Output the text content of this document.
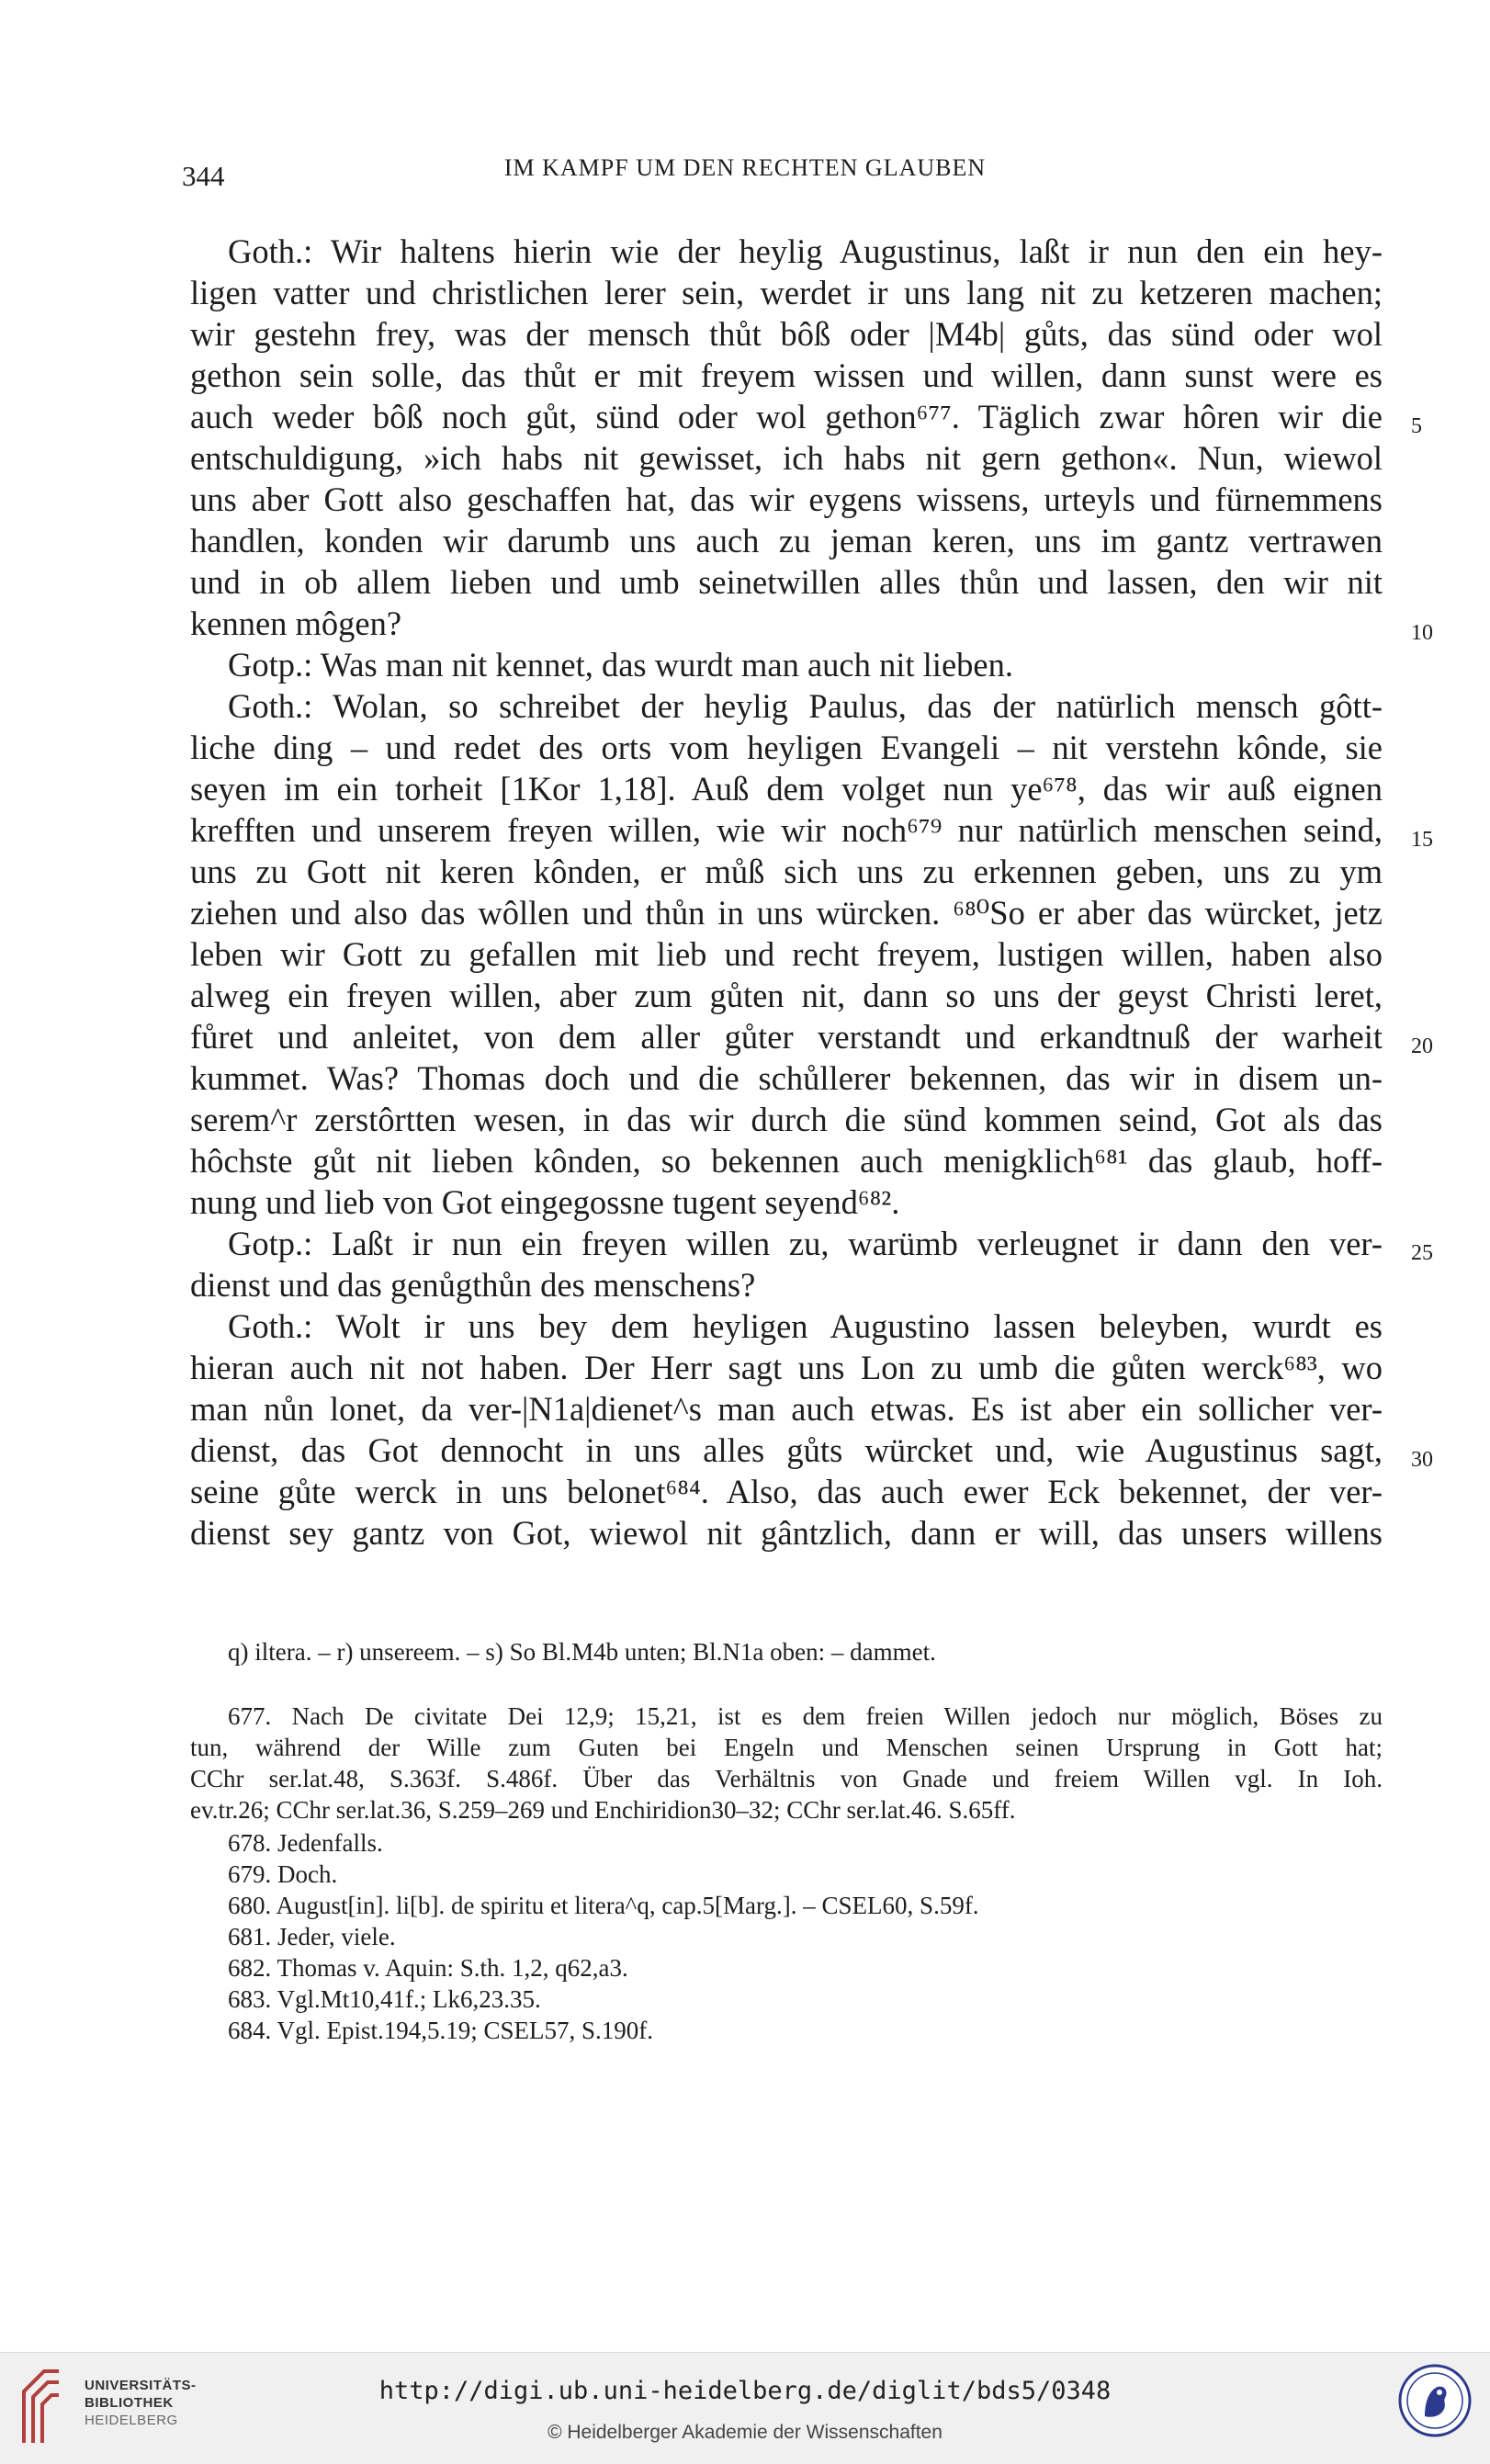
344	IM KAMPF UM DEN RECHTEN GLAUBEN
Goth.: Wir haltens hierin wie der heylig Augustinus, laßt ir nun den ein hey-
ligen vatter und christlichen lerer sein, werdet ir uns lang nit zu ketzeren machen;
wir gestehn frey, was der mensch thůt bôß oder |M4b| gůts, das sünd oder wol
gethon sein solle, das thůt er mit freyem wissen und willen, dann sunst were es
auch weder bôß noch gůt, sünd oder wol gethon⁶⁷⁷. Täglich zwar hôren wir die
entschuldigung, »ich habs nit gewisset, ich habs nit gern gethon«. Nun, wiewol
uns aber Gott also geschaffen hat, das wir eygens wissens, urteyls und fürnemmens
handlen, konden wir darumb uns auch zu jeman keren, uns im gantz vertrawen
und in ob allem lieben und umb seinetwillen alles thůn und lassen, den wir nit
kennen môgen?
Gotp.: Was man nit kennet, das wurdt man auch nit lieben.
Goth.: Wolan, so schreibet der heylig Paulus, das der natürlich mensch gôtt-
liche ding – und redet des orts vom heyligen Evangeli – nit verstehn kônde, sie
seyen im ein torheit [1Kor 1,18]. Auß dem volget nun ye⁶⁷⁸, das wir auß eignen
krefften und unserem freyen willen, wie wir noch⁶⁷⁹ nur natürlich menschen seind,
uns zu Gott nit keren kônden, er můß sich uns zu erkennen geben, uns zu ym
ziehen und also das wôllen und thůn in uns würcken. ⁶⁸⁰So er aber das würcket, jetz
leben wir Gott zu gefallen mit lieb und recht freyem, lustigen willen, haben also
alweg ein freyen willen, aber zum gůten nit, dann so uns der geyst Christi leret,
fůret und anleitet, von dem aller gůter verstandt und erkandtnuß der warheit
kummet. Was? Thomas doch und die schůllerer bekennen, das wir in disem un-
serem^r zerstôrtten wesen, in das wir durch die sünd kommen seind, Got als das
hôchste gůt nit lieben kônden, so bekennen auch menigklich⁶⁸¹ das glaub, hoff-
nung und lieb von Got eingegossne tugent seyend⁶⁸².
Gotp.: Laßt ir nun ein freyen willen zu, warümb verleugnet ir dann den ver-
dienst und das genůgthůn des menschens?
Goth.: Wolt ir uns bey dem heyligen Augustino lassen beleyben, wurdt es
hieran auch nit not haben. Der Herr sagt uns Lon zu umb die gůten werck⁶⁸³, wo
man nůn lonet, da ver-|N1a|dienet^s man auch etwas. Es ist aber ein sollicher ver-
dienst, das Got dennocht in uns alles gůts würcket und, wie Augustinus sagt,
seine gůte werck in uns belonet⁶⁸⁴. Also, das auch ewer Eck bekennet, der ver-
dienst sey gantz von Got, wiewol nit gântzlich, dann er will, das unsers willens
5
10
15
20
25
30
q) iltera. – r) unsereem. – s) So Bl.M4b unten; Bl.N1a oben: – dammet.
677. Nach De civitate Dei 12,9; 15,21, ist es dem freien Willen jedoch nur möglich, Böses zu
tun, während der Wille zum Guten bei Engeln und Menschen seinen Ursprung in Gott hat;
CChr ser.lat.48, S.363f. S.486f. Über das Verhältnis von Gnade und freiem Willen vgl. In Ioh.
ev.tr.26; CChr ser.lat.36, S.259–269 und Enchiridion30–32; CChr ser.lat.46. S.65ff.
678. Jedenfalls.
679. Doch.
680. August[in]. li[b]. de spiritu et litera^q, cap.5[Marg.]. – CSEL60, S.59f.
681. Jeder, viele.
682. Thomas v. Aquin: S.th. 1,2, q62,a3.
683. Vgl.Mt10,41f.; Lk6,23.35.
684. Vgl. Epist.194,5.19; CSEL57, S.190f.
UNIVERSITÄTS-
BIBLIOTHEK
HEIDELBERG
http://digi.ub.uni-heidelberg.de/diglit/bds5/0348
© Heidelberger Akademie der Wissenschaften
